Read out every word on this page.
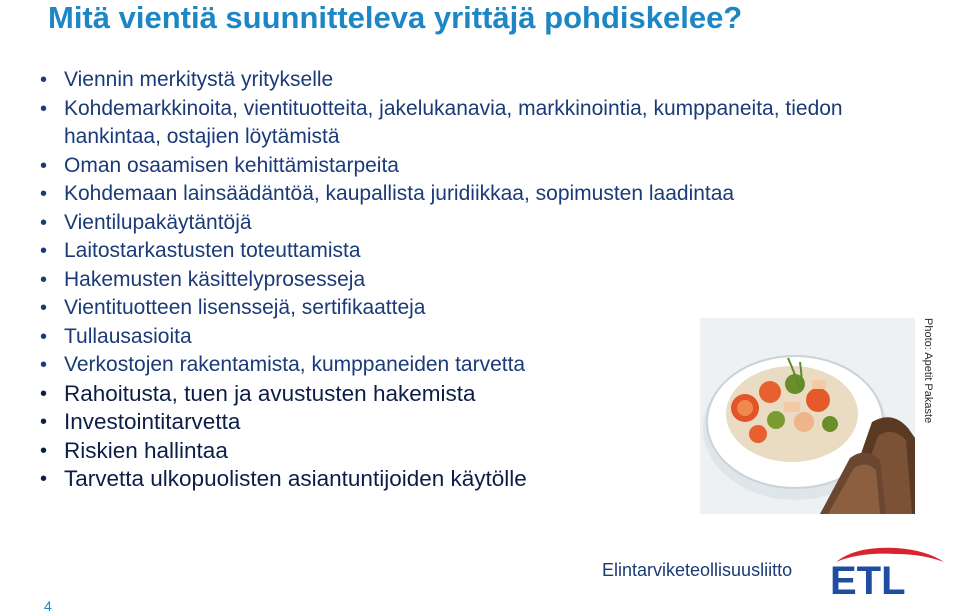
Mitä vientiä suunnitteleva yrittäjä pohdiskelee?
• Viennin merkitystä yritykselle
• Kohdemarkkinoita, vientituotteita, jakelukanavia, markkinointia, kumppaneita, tiedon hankintaa, ostajien löytämistä
• Oman osaamisen kehittämistarpeita
• Kohdemaan lainsäädäntöä, kaupallista juridiikkaa, sopimusten laadintaa
• Vientilupakäytäntöjä
• Laitostarkastusten toteuttamista
• Hakemusten käsittelyprosesseja
• Vientituotteen lisenssejä, sertifikaatteja
• Tullausasioita
• Verkostojen rakentamista, kumppaneiden tarvetta
• Rahoitusta, tuen ja avustusten hakemista
• Investointitarvetta
• Riskien hallintaa
• Tarvetta ulkopuolisten asiantuntijoiden käytölle
Photo: Apetit Pakaste
Elintarviketeollisuusliitto ETL
4
